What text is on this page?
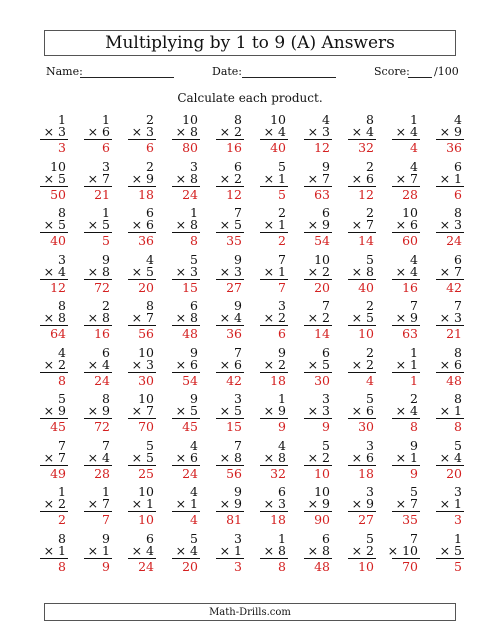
Multiplying by 1 to 9 (A) Answers
Name:	Date:	Score: /100
Calculate each product.
1
× 3
3
1
× 6
6
2
× 3
6
10
× 8
80
8
× 2
16
10
× 4
40
4
× 3
12
8
× 4
32
1
× 4
4
4
× 9
36
10
× 5
50
3
× 7
21
2
× 9
18
3
× 8
24
6
× 2
12
5
× 1
5
9
× 7
63
2
× 6
12
4
× 7
28
6
× 1
6
8
× 5
40
1
× 5
5
6
× 6
36
1
× 8
8
7
× 5
35
2
× 1
2
6
× 9
54
2
× 7
14
10
× 6
60
8
× 3
24
3
× 4
12
9
× 8
72
4
× 5
20
5
× 3
15
9
× 3
27
7
× 1
7
10
× 2
20
5
× 8
40
4
× 4
16
6
× 7
42
8
× 8
64
2
× 8
16
8
× 7
56
6
× 8
48
9
× 4
36
3
× 2
6
7
× 2
14
2
× 5
10
7
× 9
63
7
× 3
21
4
× 2
8
6
× 4
24
10
× 3
30
9
× 6
54
7
× 6
42
9
× 2
18
6
× 5
30
2
× 2
4
1
× 1
1
8
× 6
48
5
× 9
45
8
× 9
72
10
× 7
70
9
× 5
45
3
× 5
15
1
× 9
9
3
× 3
9
5
× 6
30
2
× 4
8
8
× 1
8
7
× 7
49
7
× 4
28
5
× 5
25
4
× 6
24
7
× 8
56
4
× 8
32
5
× 2
10
3
× 6
18
9
× 1
9
5
× 4
20
1
× 2
2
1
× 7
7
10
× 1
10
4
× 1
4
9
× 9
81
6
× 3
18
10
× 9
90
3
× 9
27
5
× 7
35
3
× 1
3
8
× 1
8
9
× 1
9
6
× 4
24
5
× 4
20
3
× 1
3
1
× 8
8
6
× 8
48
5
× 2
10
7
× 10
70
1
× 5
5
Math-Drills.com
